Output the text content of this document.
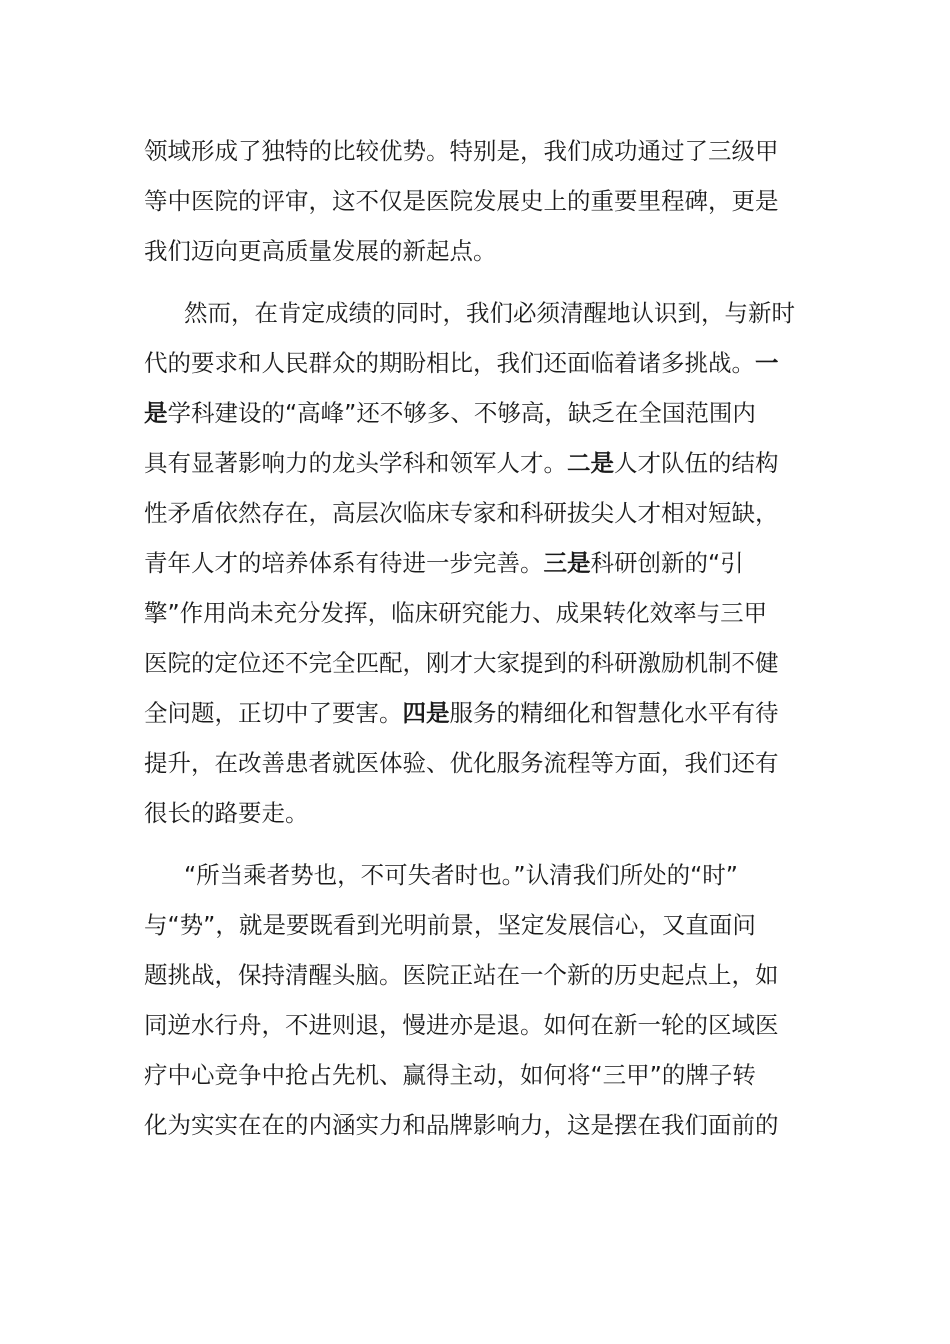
领域形成了独特的比较优势。特别是，我们成功通过了三级甲
等中医院的评审，这不仅是医院发展史上的重要里程碑，更是
我们迈向更高质量发展的新起点。
然而，在肯定成绩的同时，我们必须清醒地认识到，与新时
代的要求和人民群众的期盼相比，我们还面临着诸多挑战。一
是学科建设的“高峰”还不够多、不够高，缺乏在全国范围内
具有显著影响力的龙头学科和领军人才。二是人才队伍的结构
性矛盾依然存在，高层次临床专家和科研拔尖人才相对短缺，
青年人才的培养体系有待进一步完善。三是科研创新的“引
擎”作用尚未充分发挥，临床研究能力、成果转化效率与三甲
医院的定位还不完全匹配，刚才大家提到的科研激励机制不健
全问题，正切中了要害。四是服务的精细化和智慧化水平有待
提升，在改善患者就医体验、优化服务流程等方面，我们还有
很长的路要走。
“所当乘者势也，不可失者时也。”认清我们所处的“时”
与“势”，就是要既看到光明前景，坚定发展信心，又直面问
题挑战，保持清醒头脑。医院正站在一个新的历史起点上，如
同逆水行舟，不进则退，慢进亦是退。如何在新一轮的区域医
疗中心竞争中抢占先机、赢得主动，如何将“三甲”的牌子转
化为实实在在的内涵实力和品牌影响力，这是摆在我们面前的
